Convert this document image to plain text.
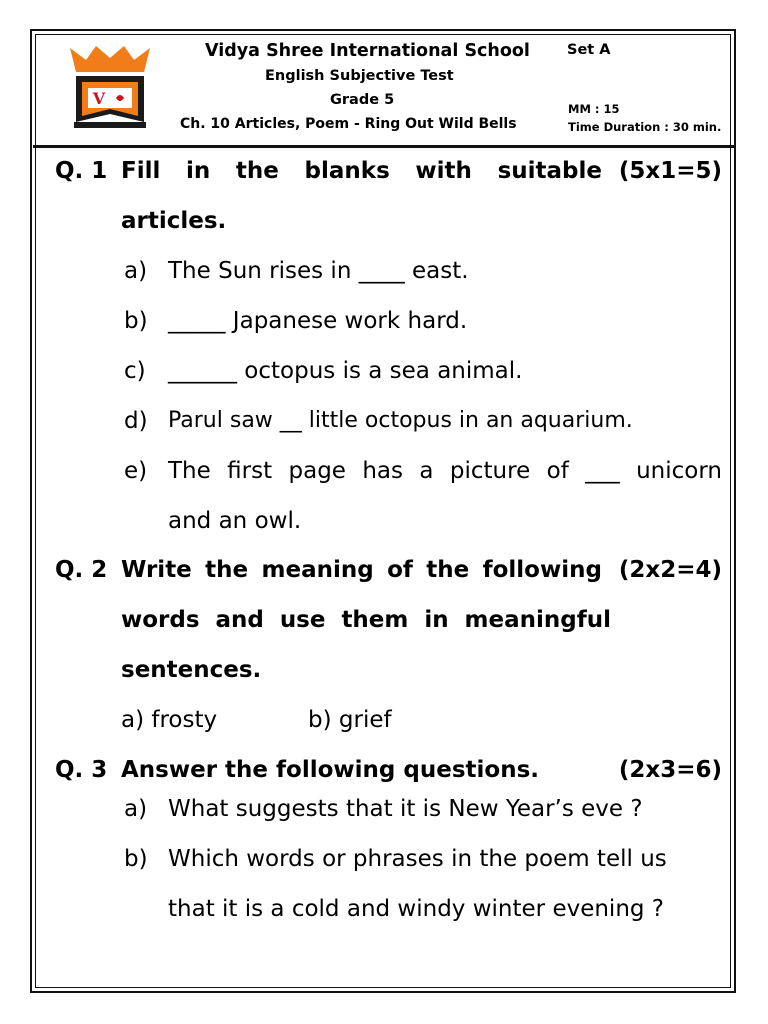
V
Vidya Shree International School
English Subjective Test
Grade 5
Ch. 10 Articles, Poem - Ring Out Wild Bells
Set A
MM : 15
Time Duration : 30 min.
Q. 1 Fill in the blanks with suitable (5x1=5)
articles.
a) The Sun rises in ____ east.
b) _____ Japanese work hard.
c) ______ octopus is a sea animal.
d) Parul saw __ little octopus in an aquarium.
e) The first page has a picture of ___ unicorn
and an owl.
Q. 2 Write the meaning of the following (2x2=4)
words and use them in meaningful
sentences.
a) frosty	b) grief
Q. 3 Answer the following questions.	(2x3=6)
a) What suggests that it is New Year’s eve ?
b) Which words or phrases in the poem tell us
that it is a cold and windy winter evening ?
